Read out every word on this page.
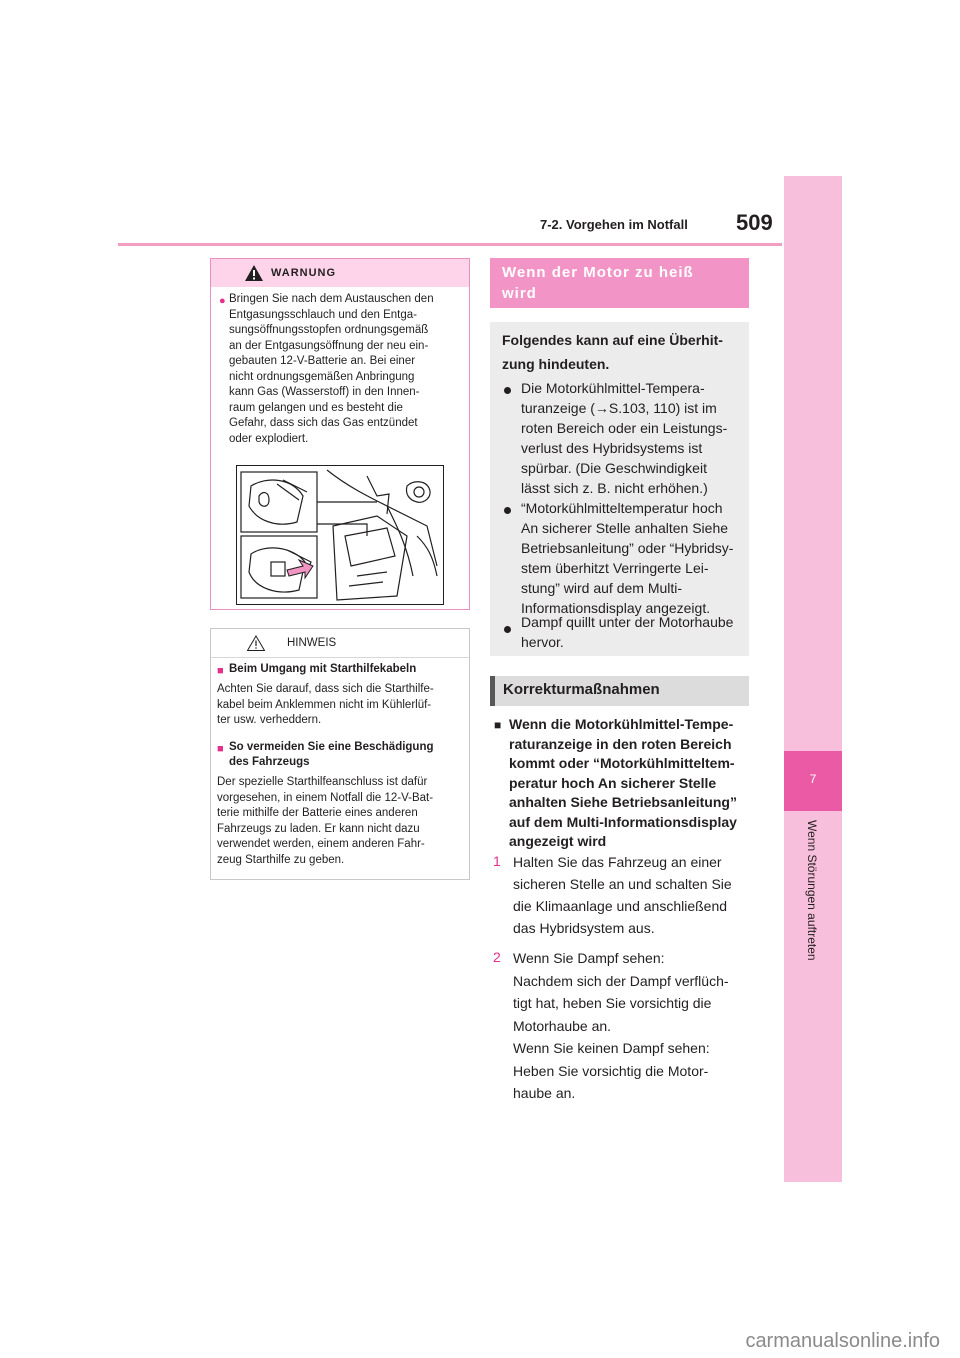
7-2. Vorgehen im Notfall 509
7
Wenn Störungen auftreten
WARNUNG
● Bringen Sie nach dem Austauschen den
Entgasungsschlauch und den Entga-
sungsöffnungsstopfen ordnungsgemäß
an der Entgasungsöffnung der neu ein-
gebauten 12-V-Batterie an. Bei einer
nicht ordnungsgemäßen Anbringung
kann Gas (Wasserstoff) in den Innen-
raum gelangen und es besteht die
Gefahr, dass sich das Gas entzündet
oder explodiert.
HINWEIS
■ Beim Umgang mit Starthilfekabeln
Achten Sie darauf, dass sich die Starthilfe-
kabel beim Anklemmen nicht im Kühlerlüf-
ter usw. verheddern.
■ So vermeiden Sie eine Beschädigung
des Fahrzeugs
Der spezielle Starthilfeanschluss ist dafür
vorgesehen, in einem Notfall die 12-V-Bat-
terie mithilfe der Batterie eines anderen
Fahrzeugs zu laden. Er kann nicht dazu
verwendet werden, einem anderen Fahr-
zeug Starthilfe zu geben.
Wenn der Motor zu heiß
wird
Folgendes kann auf eine Überhit-
zung hindeuten.
Die Motorkühlmittel-Tempera-
turanzeige (→S.103, 110) ist im
roten Bereich oder ein Leistungs-
verlust des Hybridsystems ist
spürbar. (Die Geschwindigkeit
lässt sich z. B. nicht erhöhen.)
“Motorkühlmitteltemperatur hoch
An sicherer Stelle anhalten Siehe
Betriebsanleitung” oder “Hybridsy-
stem überhitzt Verringerte Lei-
stung” wird auf dem Multi-
Informationsdisplay angezeigt.
Dampf quillt unter der Motorhaube
hervor.
Korrekturmaßnahmen
■ Wenn die Motorkühlmittel-Tempe-
raturanzeige in den roten Bereich
kommt oder “Motorkühlmitteltem-
peratur hoch An sicherer Stelle
anhalten Siehe Betriebsanleitung”
auf dem Multi-Informationsdisplay
angezeigt wird
1 Halten Sie das Fahrzeug an einer
sicheren Stelle an und schalten Sie
die Klimaanlage und anschließend
das Hybridsystem aus.
2 Wenn Sie Dampf sehen:
Nachdem sich der Dampf verflüch-
tigt hat, heben Sie vorsichtig die
Motorhaube an.
Wenn Sie keinen Dampf sehen:
Heben Sie vorsichtig die Motor-
haube an.
carmanualsonline.info
